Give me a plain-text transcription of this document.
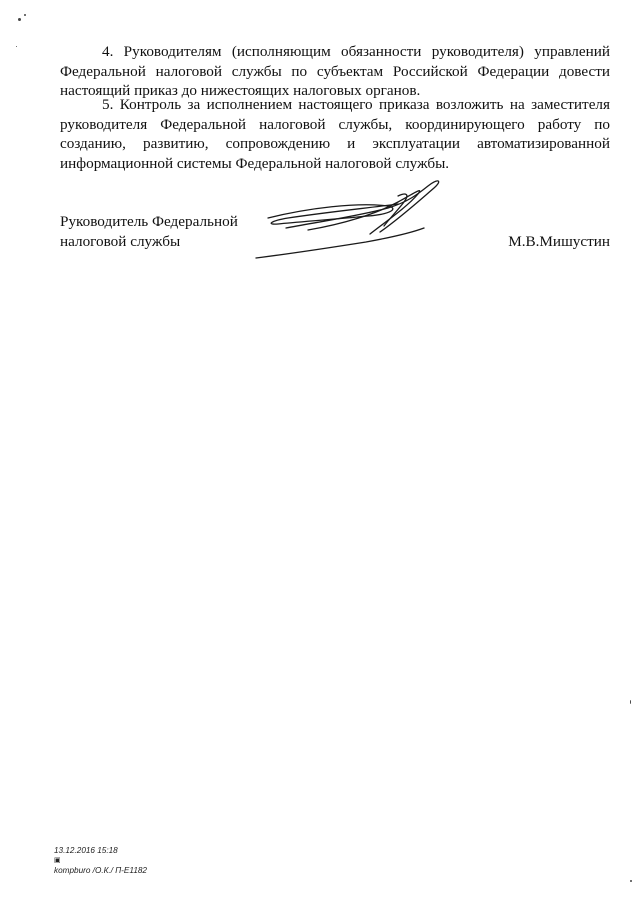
4. Руководителям (исполняющим обязанности руководителя) управлений
Федеральной налоговой службы по субъектам Российской Федерации довести
настоящий приказ до нижестоящих налоговых органов.

5. Контроль за исполнением настоящего приказа возложить на заместителя
руководителя Федеральной налоговой службы, координирующего работу по
созданию, развитию, сопровождению и эксплуатации автоматизированной
информационной системы Федеральной налоговой службы.

Руководитель Федеральной
налоговой службы	М.В.Мишустин
13.12.2016 15:18
▣
kompburo /О.К./ П-Е1182
